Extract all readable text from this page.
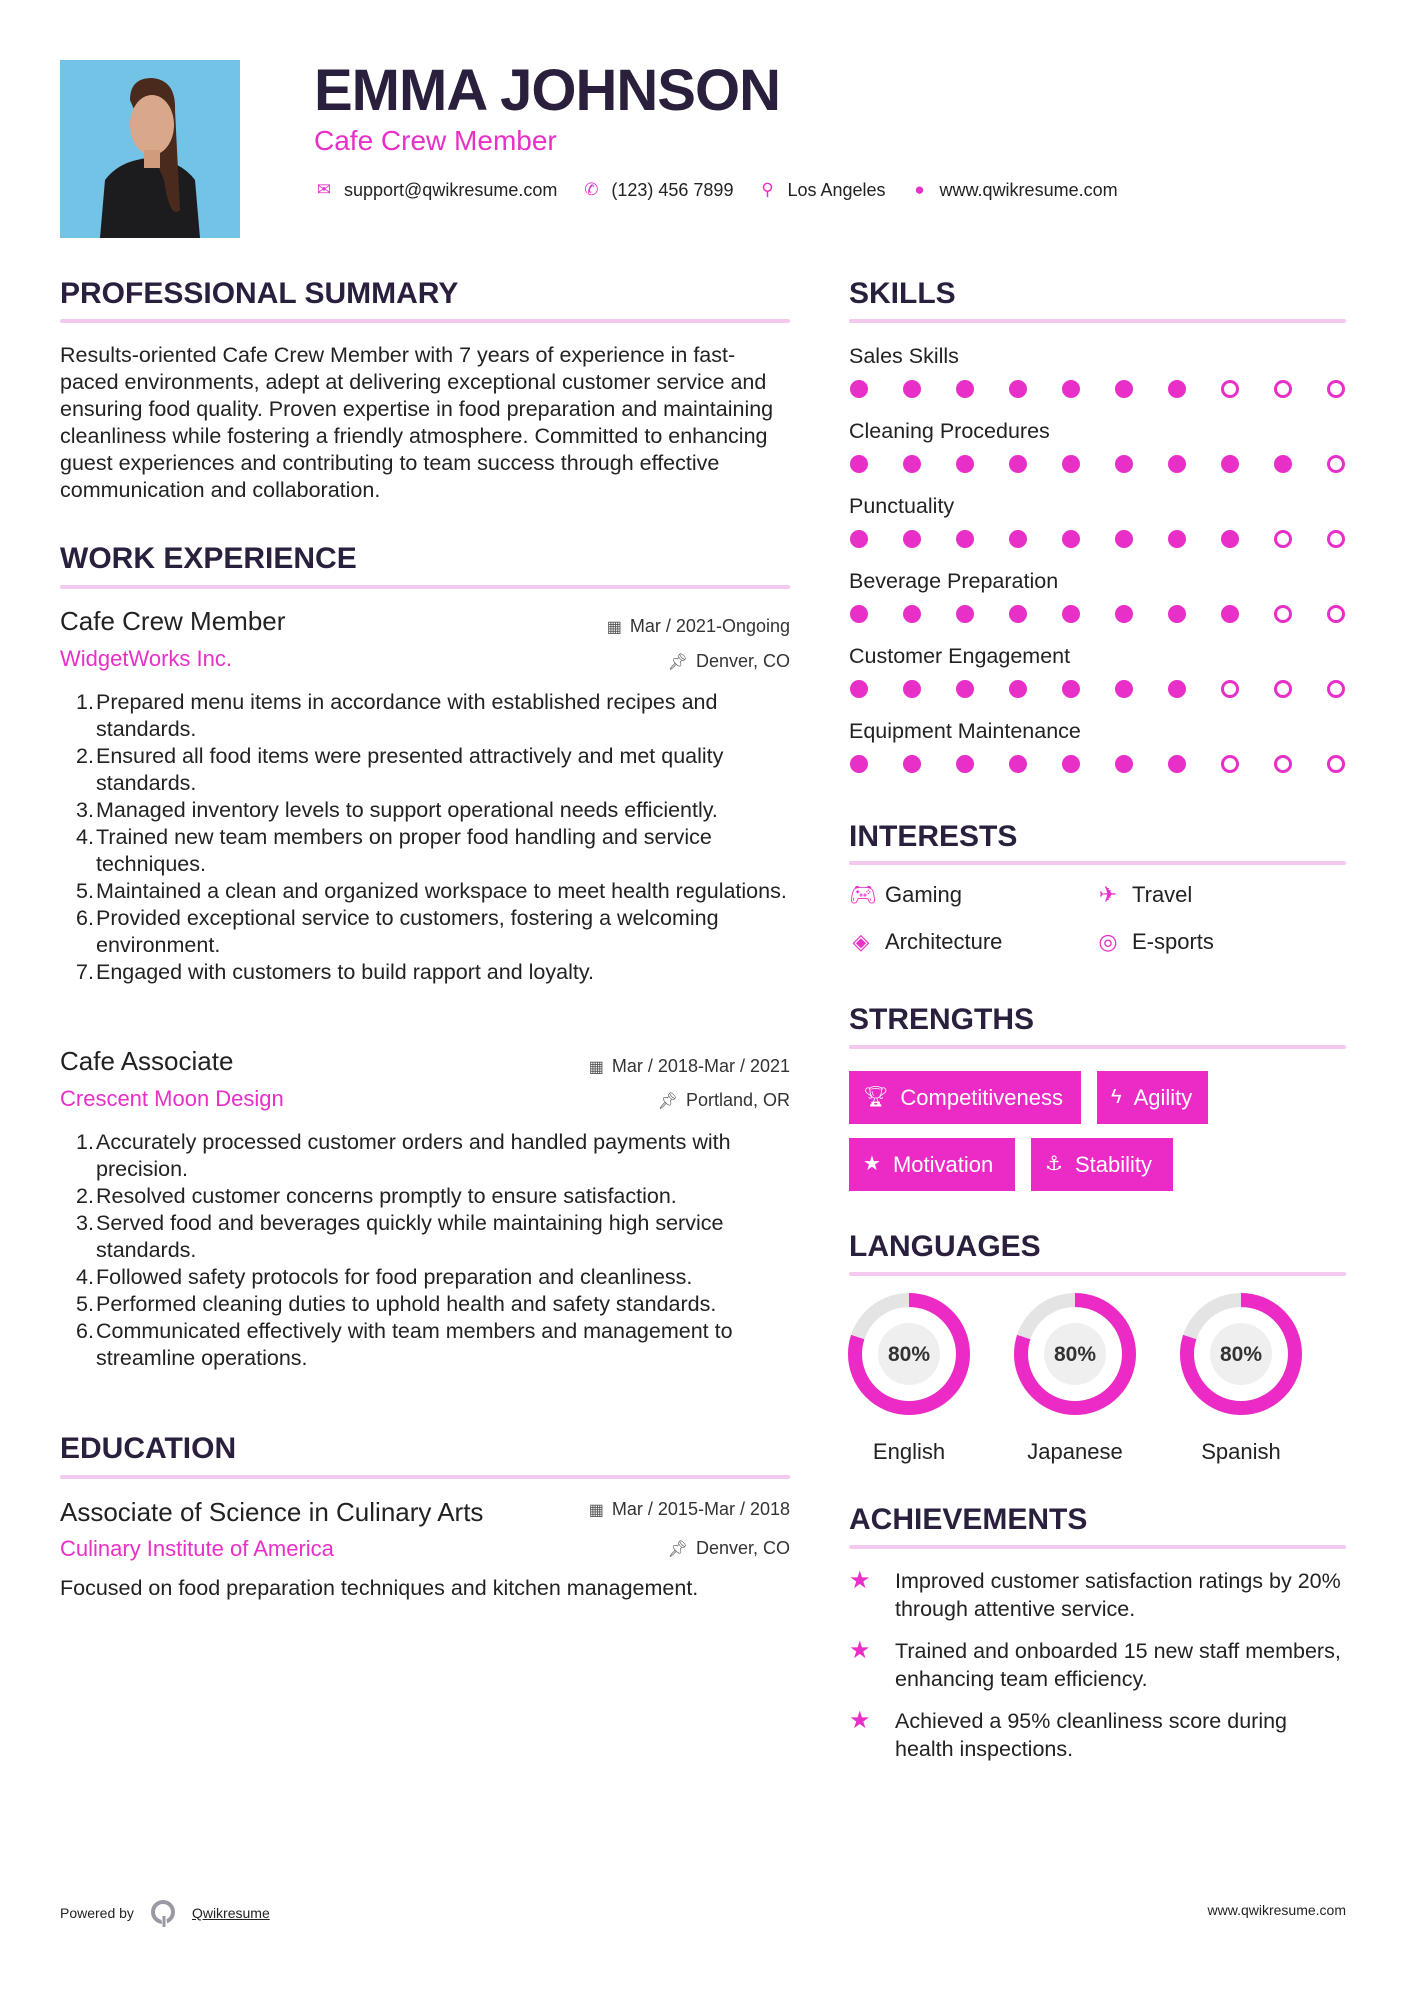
EMMA JOHNSON
Cafe Crew Member
✉ support@qwikresume.com ✆ (123) 456 7899 ⚲ Los Angeles ● www.qwikresume.com
PROFESSIONAL SUMMARY
Results-oriented Cafe Crew Member with 7 years of experience in fast-paced environments, adept at delivering exceptional customer service and ensuring food quality. Proven expertise in food preparation and maintaining cleanliness while fostering a friendly atmosphere. Committed to enhancing guest experiences and contributing to team success through effective communication and collaboration.
WORK EXPERIENCE
Cafe Crew Member	▦ Mar / 2021-Ongoing
WidgetWorks Inc.	📌︎ Denver, CO
Prepared menu items in accordance with established recipes and standards.
Ensured all food items were presented attractively and met quality standards.
Managed inventory levels to support operational needs efficiently.
Trained new team members on proper food handling and service techniques.
Maintained a clean and organized workspace to meet health regulations.
Provided exceptional service to customers, fostering a welcoming environment.
Engaged with customers to build rapport and loyalty.
Cafe Associate	▦ Mar / 2018-Mar / 2021
Crescent Moon Design	📌︎ Portland, OR
Accurately processed customer orders and handled payments with precision.
Resolved customer concerns promptly to ensure satisfaction.
Served food and beverages quickly while maintaining high service standards.
Followed safety protocols for food preparation and cleanliness.
Performed cleaning duties to uphold health and safety standards.
Communicated effectively with team members and management to streamline operations.
EDUCATION
Associate of Science in Culinary Arts	▦ Mar / 2015-Mar / 2018
Culinary Institute of America	📌︎ Denver, CO
Focused on food preparation techniques and kitchen management.
SKILLS
Sales Skills
Cleaning Procedures
Punctuality
Beverage Preparation
Customer Engagement
Equipment Maintenance
INTERESTS
🎮︎ Gaming	✈ Travel
◈ Architecture	◎ E-sports
STRENGTHS
🏆︎ Competitiveness ϟ Agility
★ Motivation	⚓︎ Stability
LANGUAGES
80%
English
80%
Japanese
80%
Spanish
ACHIEVEMENTS
★	Improved customer satisfaction ratings by 20% through attentive service.
★	Trained and onboarded 15 new staff members, enhancing team efficiency.
★	Achieved a 95% cleanliness score during health inspections.
Powered by	Qwikresume	www.qwikresume.com
